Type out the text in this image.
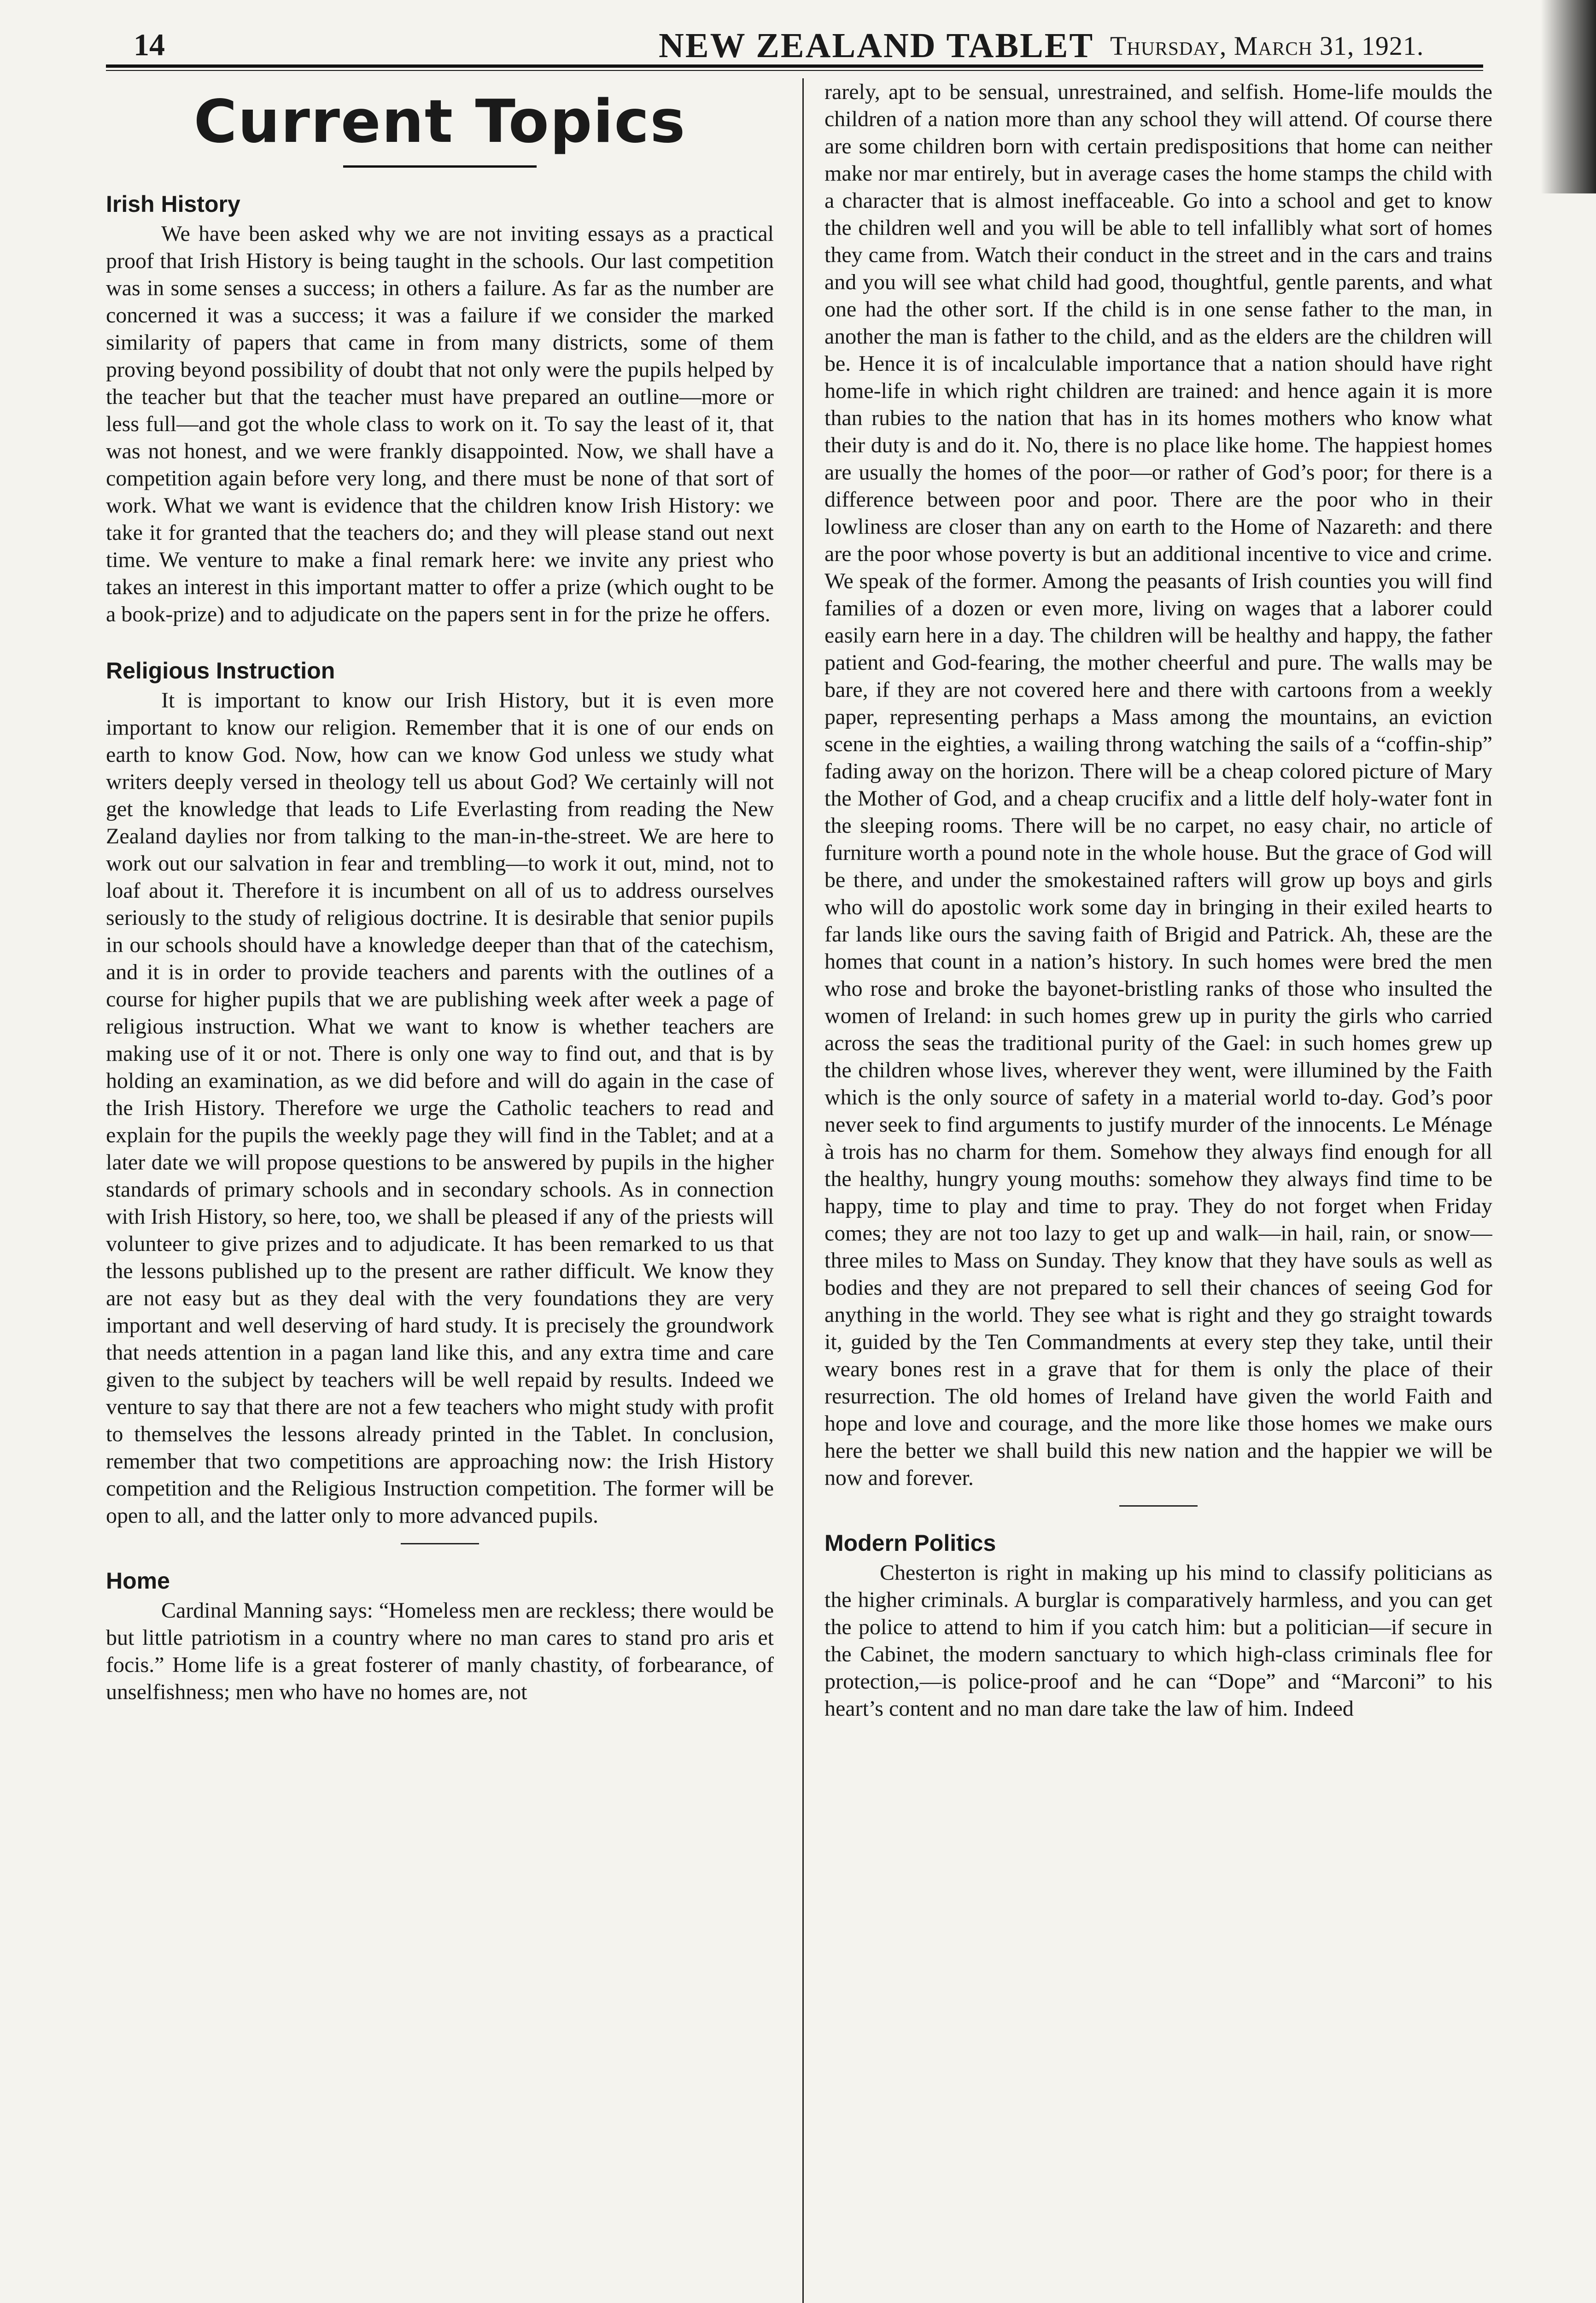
14	NEW ZEALAND TABLET Thursday, March 31, 1921.
Current Topics
Irish History

We have been asked why we are not inviting essays as a practical proof that Irish History is being taught in the schools. Our last competition was in some senses a success; in others a failure. As far as the number are concerned it was a success; it was a failure if we consider the marked similarity of papers that came in from many districts, some of them proving beyond possibility of doubt that not only were the pupils helped by the teacher but that the teacher must have prepared an outline—more or less full—and got the whole class to work on it. To say the least of it, that was not honest, and we were frankly disappointed. Now, we shall have a competition again before very long, and there must be none of that sort of work. What we want is evidence that the children know Irish History: we take it for granted that the teachers do; and they will please stand out next time. We venture to make a final remark here: we invite any priest who takes an interest in this important matter to offer a prize (which ought to be a book-prize) and to adjudicate on the papers sent in for the prize he offers.

Religious Instruction

It is important to know our Irish History, but it is even more important to know our religion. Remember that it is one of our ends on earth to know God. Now, how can we know God unless we study what writers deeply versed in theology tell us about God? We certainly will not get the knowledge that leads to Life Everlasting from reading the New Zealand daylies nor from talking to the man-in-the-street. We are here to work out our salvation in fear and trembling—to work it out, mind, not to loaf about it. Therefore it is incumbent on all of us to address ourselves seriously to the study of religious doctrine. It is desirable that senior pupils in our schools should have a knowledge deeper than that of the catechism, and it is in order to provide teachers and parents with the outlines of a course for higher pupils that we are publishing week after week a page of religious instruction. What we want to know is whether teachers are making use of it or not. There is only one way to find out, and that is by holding an examination, as we did before and will do again in the case of the Irish History. Therefore we urge the Catholic teachers to read and explain for the pupils the weekly page they will find in the Tablet; and at a later date we will propose questions to be answered by pupils in the higher standards of primary schools and in secondary schools. As in connection with Irish History, so here, too, we shall be pleased if any of the priests will volunteer to give prizes and to adjudicate. It has been remarked to us that the lessons published up to the present are rather difficult. We know they are not easy but as they deal with the very foundations they are very important and well deserving of hard study. It is precisely the groundwork that needs attention in a pagan land like this, and any extra time and care given to the subject by teachers will be well repaid by results. Indeed we venture to say that there are not a few teachers who might study with profit to themselves the lessons already printed in the Tablet. In conclusion, remember that two competitions are approaching now: the Irish History competition and the Religious Instruction competition. The former will be open to all, and the latter only to more advanced pupils.

Home

Cardinal Manning says: “Homeless men are reckless; there would be but little patriotism in a country where no man cares to stand pro aris et focis.” Home life is a great fosterer of manly chastity, of forbearance, of unselfishness; men who have no homes are, not

rarely, apt to be sensual, unrestrained, and selfish. Home-life moulds the children of a nation more than any school they will attend. Of course there are some children born with certain predispositions that home can neither make nor mar entirely, but in average cases the home stamps the child with a character that is almost ineffaceable. Go into a school and get to know the children well and you will be able to tell infallibly what sort of homes they came from. Watch their conduct in the street and in the cars and trains and you will see what child had good, thoughtful, gentle parents, and what one had the other sort. If the child is in one sense father to the man, in another the man is father to the child, and as the elders are the children will be. Hence it is of incalculable importance that a nation should have right home-life in which right children are trained: and hence again it is more than rubies to the nation that has in its homes mothers who know what their duty is and do it. No, there is no place like home. The happiest homes are usually the homes of the poor—or rather of God’s poor; for there is a difference between poor and poor. There are the poor who in their lowliness are closer than any on earth to the Home of Nazareth: and there are the poor whose poverty is but an additional incentive to vice and crime. We speak of the former. Among the peasants of Irish counties you will find families of a dozen or even more, living on wages that a laborer could easily earn here in a day. The children will be healthy and happy, the father patient and God-fearing, the mother cheerful and pure. The walls may be bare, if they are not covered here and there with cartoons from a weekly paper, representing perhaps a Mass among the mountains, an eviction scene in the eighties, a wailing throng watching the sails of a “coffin-ship” fading away on the horizon. There will be a cheap colored picture of Mary the Mother of God, and a cheap crucifix and a little delf holy-water font in the sleeping rooms. There will be no carpet, no easy chair, no article of furniture worth a pound note in the whole house. But the grace of God will be there, and under the smokestained rafters will grow up boys and girls who will do apostolic work some day in bringing in their exiled hearts to far lands like ours the saving faith of Brigid and Patrick. Ah, these are the homes that count in a nation’s history. In such homes were bred the men who rose and broke the bayonet-bristling ranks of those who insulted the women of Ireland: in such homes grew up in purity the girls who carried across the seas the traditional purity of the Gael: in such homes grew up the children whose lives, wherever they went, were illumined by the Faith which is the only source of safety in a material world to-day. God’s poor never seek to find arguments to justify murder of the innocents. Le Ménage à trois has no charm for them. Somehow they always find enough for all the healthy, hungry young mouths: somehow they always find time to be happy, time to play and time to pray. They do not forget when Friday comes; they are not too lazy to get up and walk—in hail, rain, or snow—three miles to Mass on Sunday. They know that they have souls as well as bodies and they are not prepared to sell their chances of seeing God for anything in the world. They see what is right and they go straight towards it, guided by the Ten Commandments at every step they take, until their weary bones rest in a grave that for them is only the place of their resurrection. The old homes of Ireland have given the world Faith and hope and love and courage, and the more like those homes we make ours here the better we shall build this new nation and the happier we will be now and forever.

Modern Politics

Chesterton is right in making up his mind to classify politicians as the higher criminals. A burglar is comparatively harmless, and you can get the police to attend to him if you catch him: but a politician—if secure in the Cabinet, the modern sanctuary to which high-class criminals flee for protection,—is police-proof and he can “Dope” and “Marconi” to his heart’s content and no man dare take the law of him. Indeed
